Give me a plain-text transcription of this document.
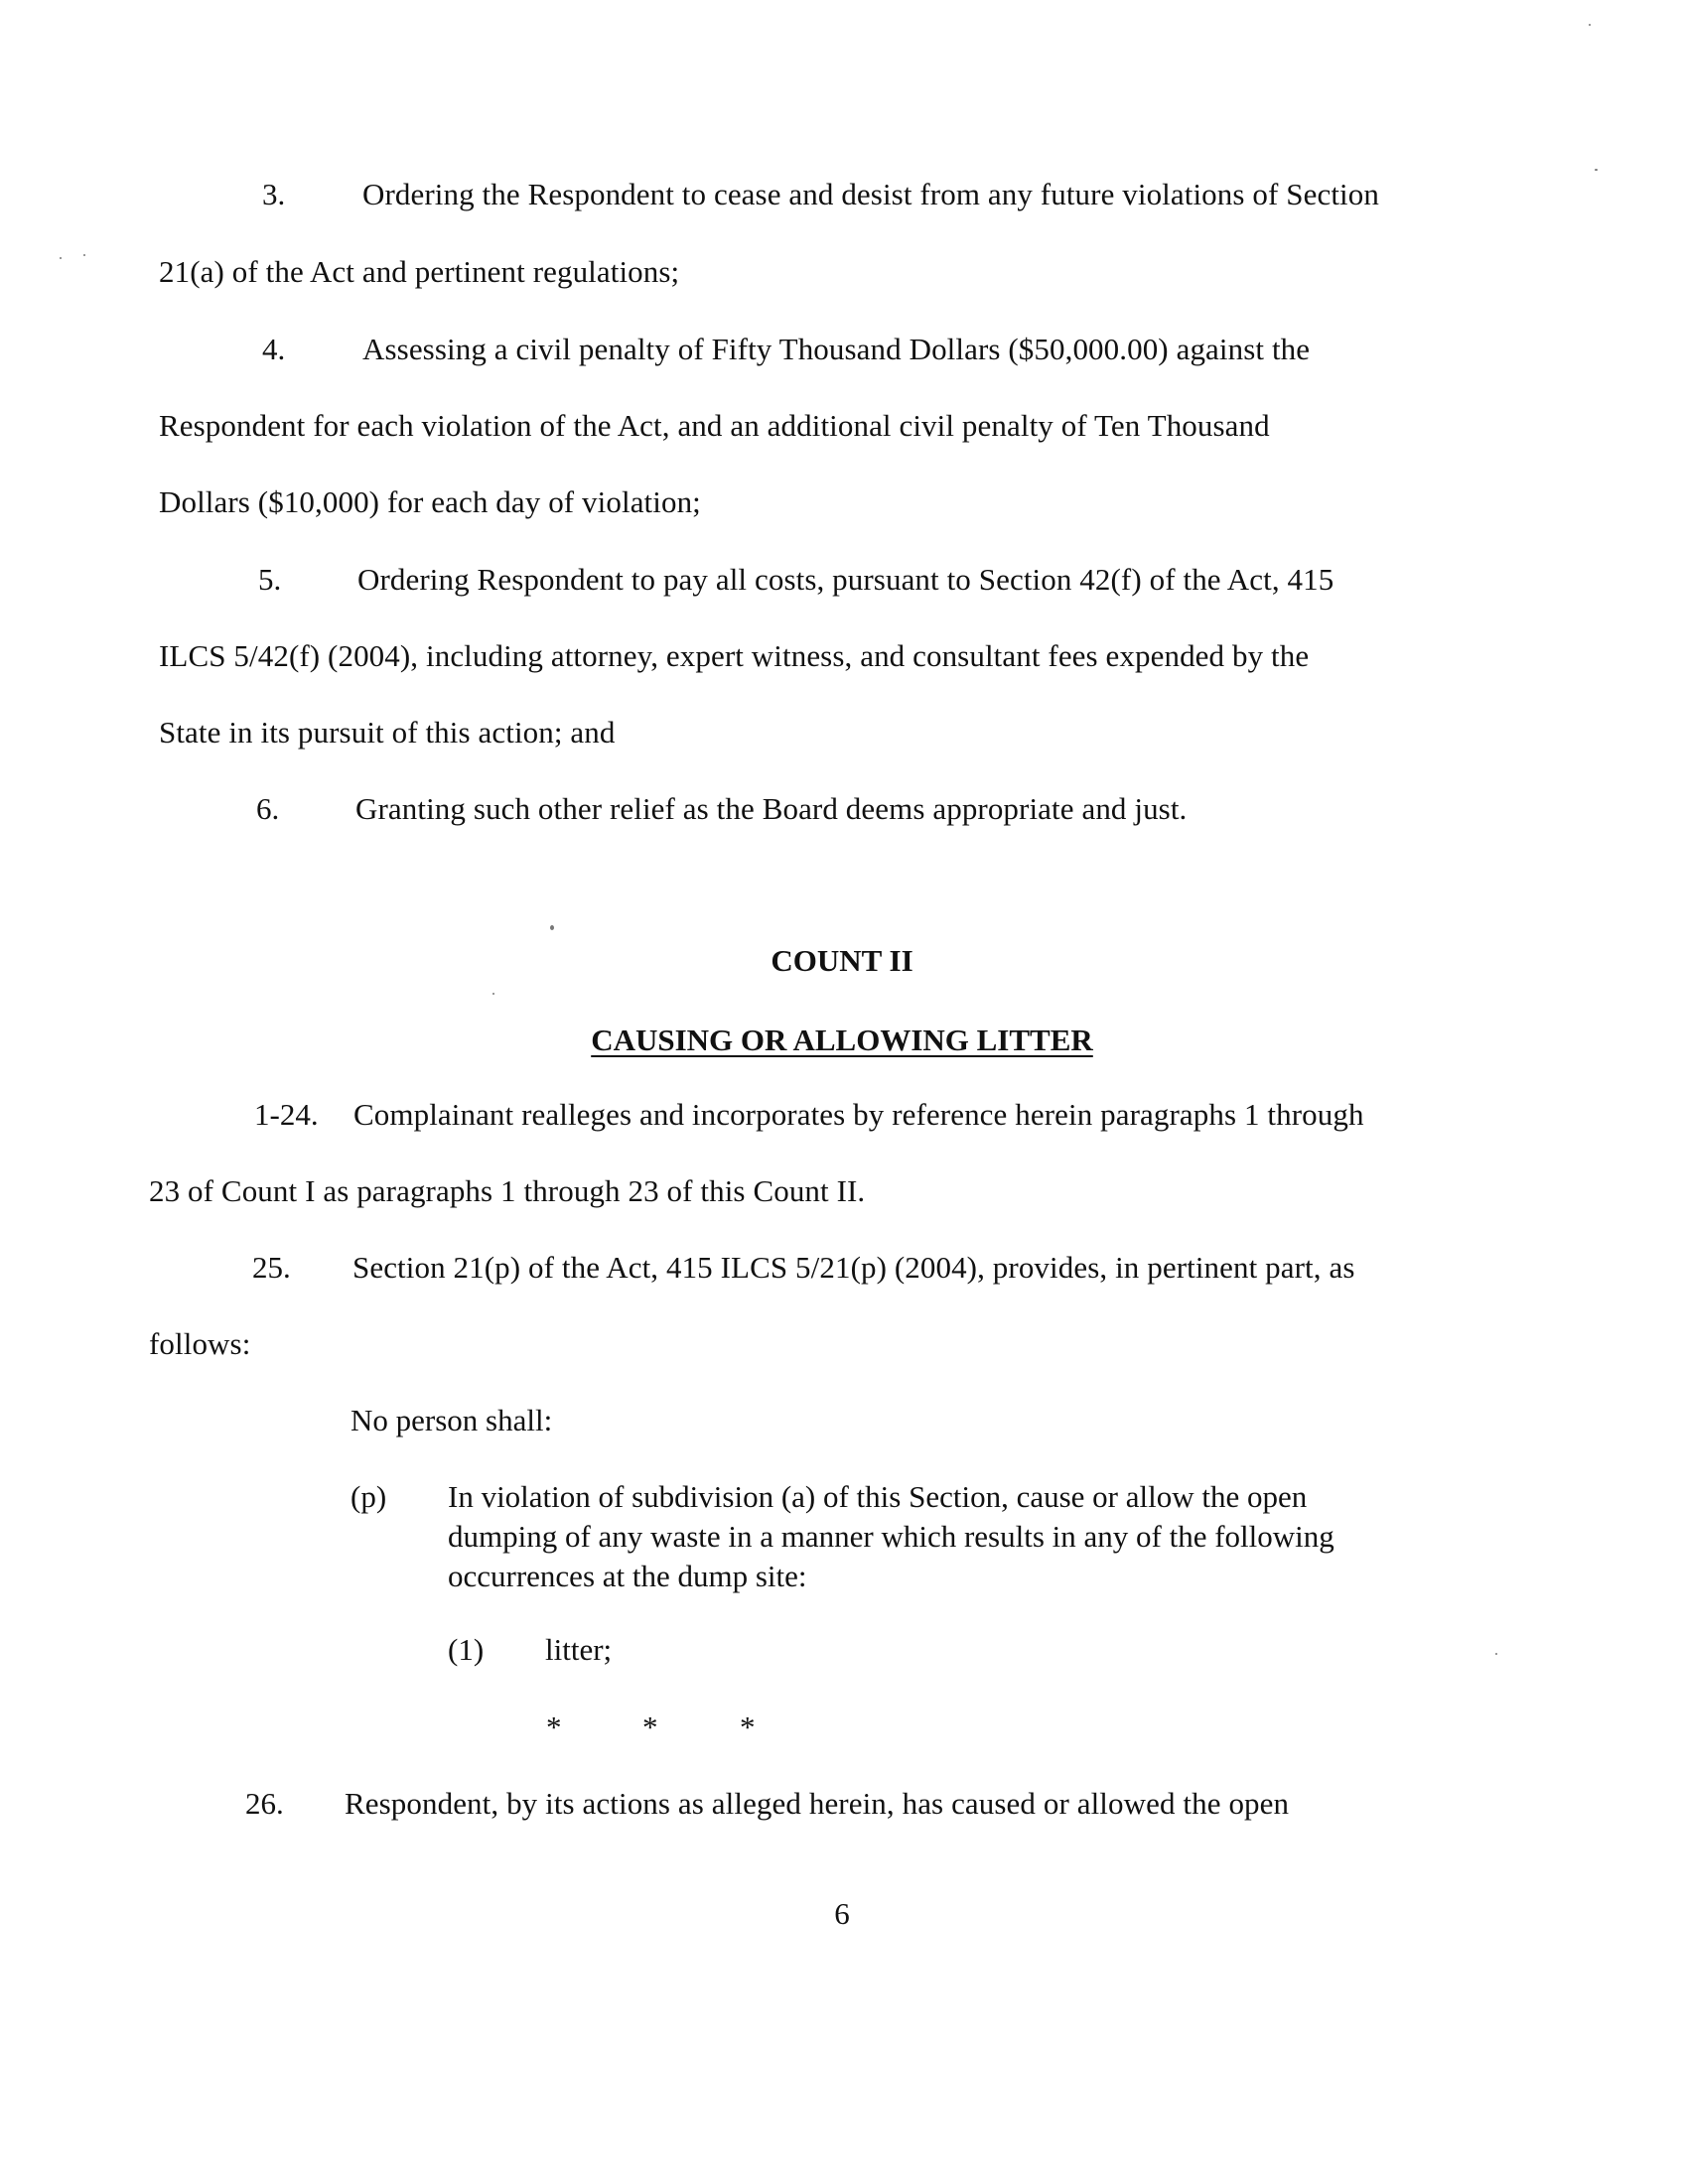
3.	Ordering the Respondent to cease and desist from any future violations of Section
21(a) of the Act and pertinent regulations;
4.	Assessing a civil penalty of Fifty Thousand Dollars ($50,000.00) against the
Respondent for each violation of the Act, and an additional civil penalty of Ten Thousand
Dollars ($10,000) for each day of violation;
5. Ordering Respondent to pay all costs, pursuant to Section 42(f) of the Act, 415
ILCS 5/42(f) (2004), including attorney, expert witness, and consultant fees expended by the
State in its pursuit of this action; and
6. Granting such other relief as the Board deems appropriate and just.
COUNT II
CAUSING OR ALLOWING LITTER
1-24. Complainant realleges and incorporates by reference herein paragraphs 1 through
23 of Count I as paragraphs 1 through 23 of this Count II.
25. Section 21(p) of the Act, 415 ILCS 5/21(p) (2004), provides, in pertinent part, as
follows:
No person shall:
(p) In violation of subdivision (a) of this Section, cause or allow the open
dumping of any waste in a manner which results in any of the following
occurrences at the dump site:
(1) litter;
*	*	*
26. Respondent, by its actions as alleged herein, has caused or allowed the open
6
